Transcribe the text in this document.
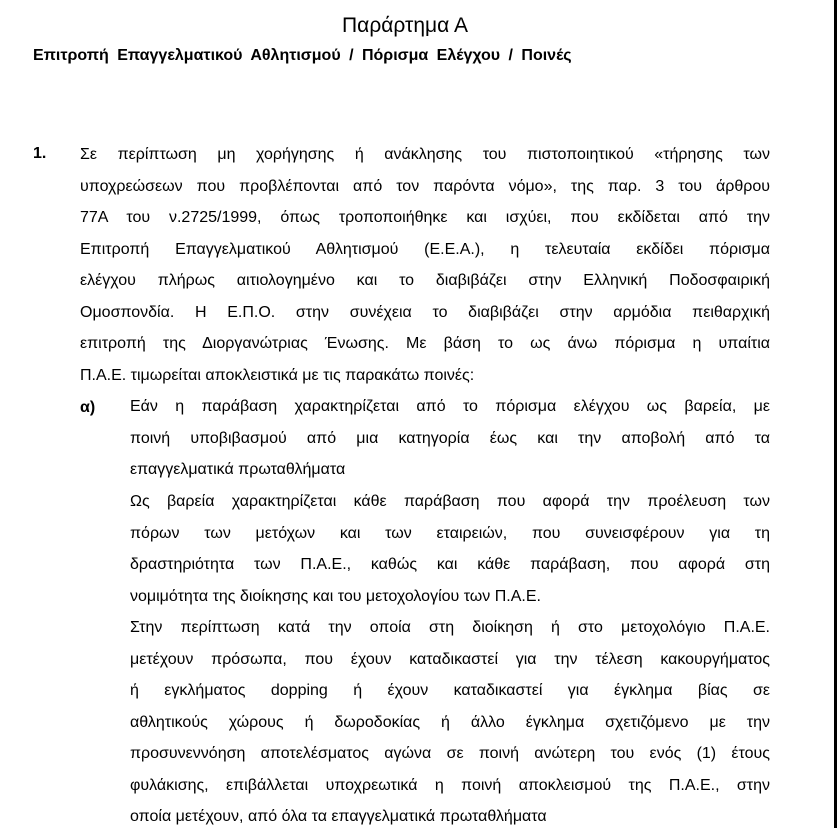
Παράρτημα Α
Επιτροπή Επαγγελματικού Αθλητισμού / Πόρισμα Ελέγχου / Ποινές
1. Σε περίπτωση μη χορήγησης ή ανάκλησης του πιστοποιητικού «τήρησης των
υποχρεώσεων που προβλέπονται από τον παρόντα νόμο», της παρ. 3 του άρθρου
77Α του ν.2725/1999, όπως τροποποιήθηκε και ισχύει, που εκδίδεται από την
Επιτροπή Επαγγελματικού Αθλητισμού (Ε.Ε.Α.), η τελευταία εκδίδει πόρισμα
ελέγχου πλήρως αιτιολογημένο και το διαβιβάζει στην Ελληνική Ποδοσφαιρική
Ομοσπονδία. Η Ε.Π.Ο. στην συνέχεια το διαβιβάζει στην αρμόδια πειθαρχική
επιτροπή της Διοργανώτριας Ένωσης. Με βάση το ως άνω πόρισμα η υπαίτια
Π.Α.Ε. τιμωρείται αποκλειστικά με τις παρακάτω ποινές:
α) Εάν η παράβαση χαρακτηρίζεται από το πόρισμα ελέγχου ως βαρεία, με
ποινή υποβιβασμού από μια κατηγορία έως και την αποβολή από τα
επαγγελματικά πρωταθλήματα
Ως βαρεία χαρακτηρίζεται κάθε παράβαση που αφορά την προέλευση των
πόρων των μετόχων και των εταιρειών, που συνεισφέρουν για τη
δραστηριότητα των Π.Α.Ε., καθώς και κάθε παράβαση, που αφορά στη
νομιμότητα της διοίκησης και του μετοχολογίου των Π.Α.Ε.
Στην περίπτωση κατά την οποία στη διοίκηση ή στο μετοχολόγιο Π.Α.Ε.
μετέχουν πρόσωπα, που έχουν καταδικαστεί για την τέλεση κακουργήματος
ή εγκλήματος dopping ή έχουν καταδικαστεί για έγκλημα βίας σε
αθλητικούς χώρους ή δωροδοκίας ή άλλο έγκλημα σχετιζόμενο με την
προσυνεννόηση αποτελέσματος αγώνα σε ποινή ανώτερη του ενός (1) έτους
φυλάκισης, επιβάλλεται υποχρεωτικά η ποινή αποκλεισμού της Π.Α.Ε., στην
οποία μετέχουν, από όλα τα επαγγελματικά πρωταθλήματα
